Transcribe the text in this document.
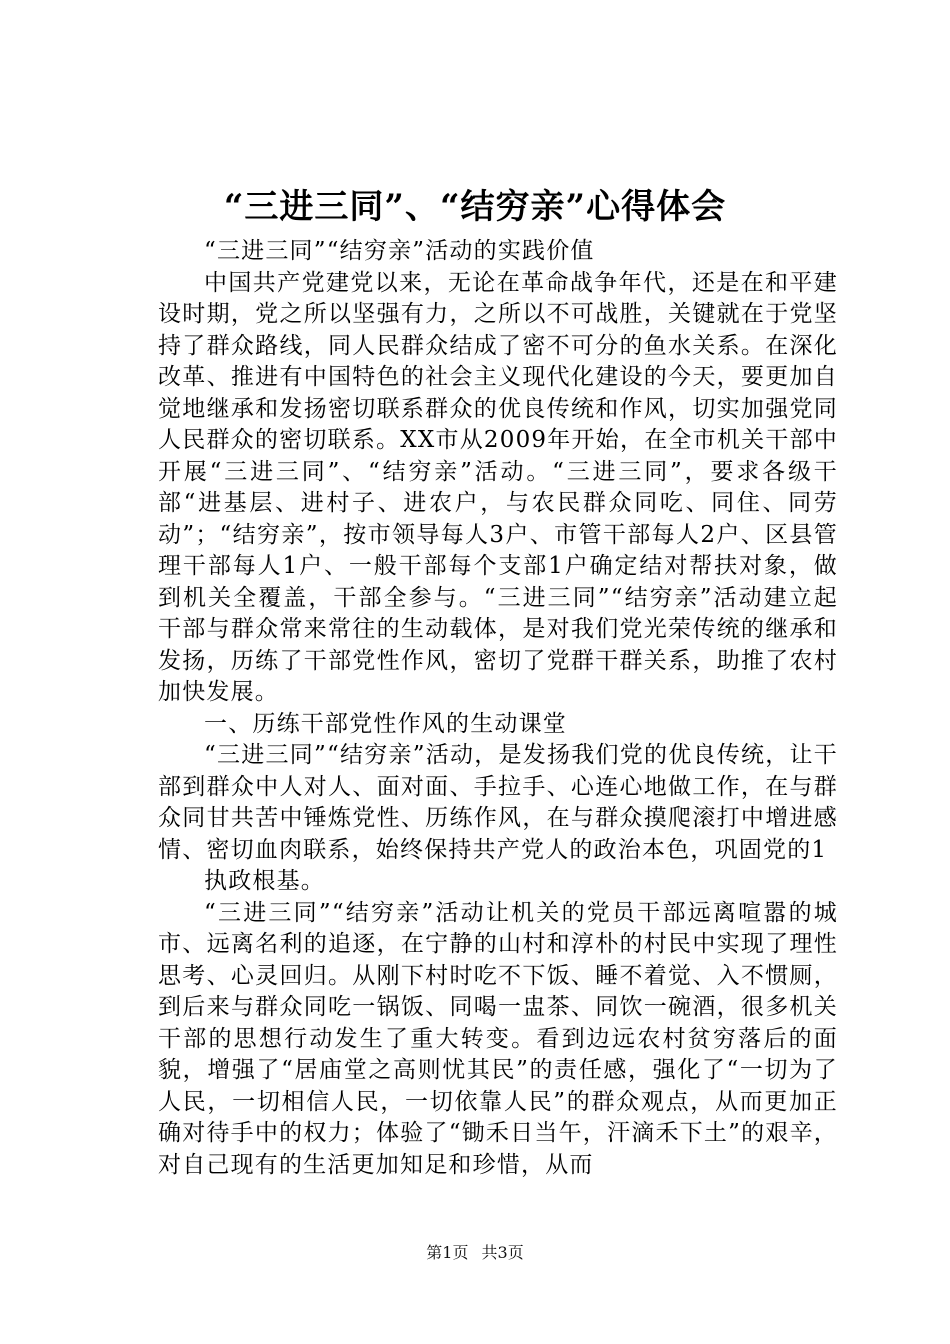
“三进三同”、“结穷亲”心得体会

“三进三同”“结穷亲”活动的实践价值

中国共产党建党以来，无论在革命战争年代，还是在和平建设时期，党之所以坚强有力，之所以不可战胜，关键就在于党坚持了群众路线，同人民群众结成了密不可分的鱼水关系。在深化改革、推进有中国特色的社会主义现代化建设的今天，要更加自觉地继承和发扬密切联系群众的优良传统和作风，切实加强党同人民群众的密切联系。XX市从2009年开始，在全市机关干部中开展“三进三同”、“结穷亲”活动。“三进三同”，要求各级干部“进基层、进村子、进农户，与农民群众同吃、同住、同劳动”；“结穷亲”，按市领导每人3户、市管干部每人2户、区县管理干部每人1户、一般干部每个支部1户确定结对帮扶对象，做到机关全覆盖，干部全参与。“三进三同”“结穷亲”活动建立起干部与群众常来常往的生动载体，是对我们党光荣传统的继承和发扬，历练了干部党性作风，密切了党群干群关系，助推了农村加快发展。

一、历练干部党性作风的生动课堂

“三进三同”“结穷亲”活动，是发扬我们党的优良传统，让干部到群众中人对人、面对面、手拉手、心连心地做工作，在与群众同甘共苦中锤炼党性、历练作风，在与群众摸爬滚打中增进感情、密切血肉联系，始终保持共产党人的政治本色，巩固党的1

执政根基。

“三进三同”“结穷亲”活动让机关的党员干部远离喧嚣的城市、远离名利的追逐，在宁静的山村和淳朴的村民中实现了理性思考、心灵回归。从刚下村时吃不下饭、睡不着觉、入不惯厕，到后来与群众同吃一锅饭、同喝一盅茶、同饮一碗酒，很多机关干部的思想行动发生了重大转变。看到边远农村贫穷落后的面貌，增强了“居庙堂之高则忧其民”的责任感，强化了“一切为了人民，一切相信人民，一切依靠人民”的群众观点，从而更加正确对待手中的权力；体验了“锄禾日当午，汗滴禾下土”的艰辛，对自己现有的生活更加知足和珍惜，从而

第1页 共3页
